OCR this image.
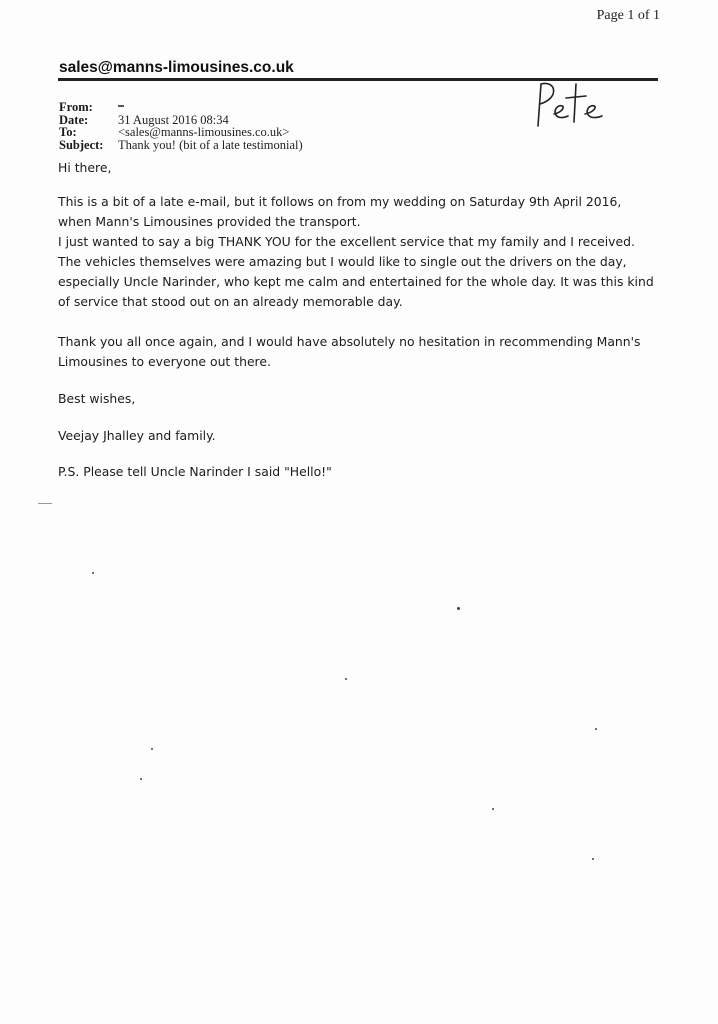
Page 1 of 1
sales@manns-limousines.co.uk
From:
Date:	31 August 2016 08:34
To:	<sales@manns-limousines.co.uk>
Subject:	Thank you! (bit of a late testimonial)

Hi there,

This is a bit of a late e-mail, but it follows on from my wedding on Saturday 9th April 2016, when Mann's Limousines provided the transport.

I just wanted to say a big THANK YOU for the excellent service that my family and I received. The vehicles themselves were amazing but I would like to single out the drivers on the day, especially Uncle Narinder, who kept me calm and entertained for the whole day. It was this kind of service that stood out on an already memorable day.

Thank you all once again, and I would have absolutely no hesitation in recommending Mann's Limousines to everyone out there.

Best wishes,

Veejay Jhalley and family.

P.S. Please tell Uncle Narinder I said "Hello!"
